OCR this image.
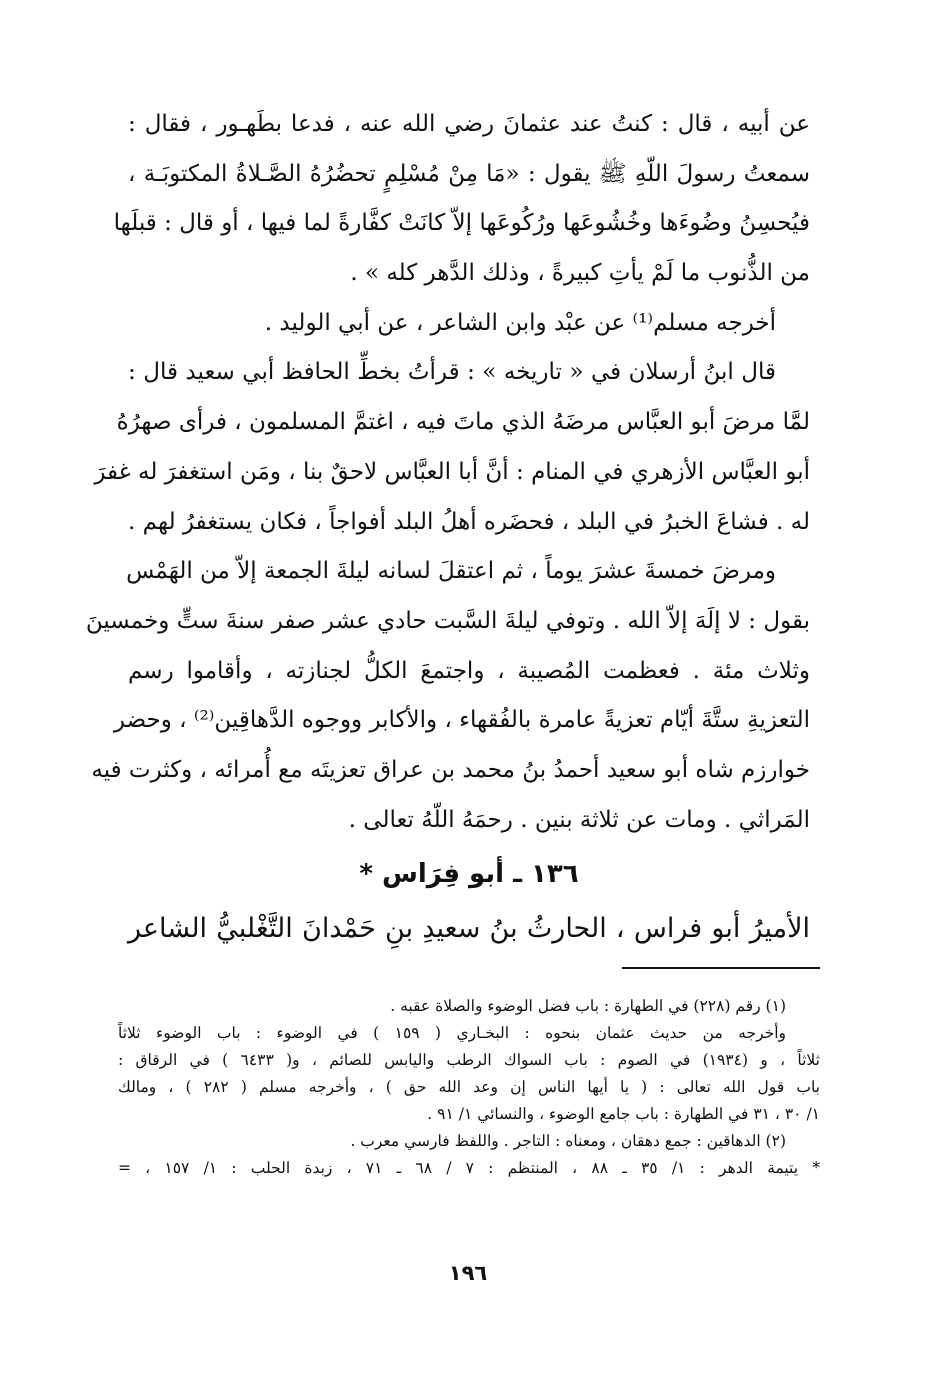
عن أبيه ، قال : كنتُ عند عثمانَ رضي الله عنه ، فدعا بطَهـور ، فقال :
سمعتُ رسولَ اللّهِ ﷺ يقول : «مَا مِنْ مُسْلِمٍ تحضُرُهُ الصَّـلاةُ المكتوبَـة ،
فيُحسِنُ وضُوءَها وخُشُوعَها ورُكُوعَها إلاّ كانَتْ كفَّارةً لما فيها ، أو قال : قبلَها
من الذُّنوب ما لَمْ يأتِ كبيرةً ، وذلك الدَّهر كله » .
أخرجه مسلم⁽¹⁾ عن عبْد وابن الشاعر ، عن أبي الوليد .
قال ابنُ أرسلان في « تاريخه » : قرأتُ بخطِّ الحافظ أبي سعيد قال :
لمَّا مرضَ أبو العبَّاس مرضَهُ الذي ماتَ فيه ، اغتمَّ المسلمون ، فرأى صهرُهُ
أبو العبَّاس الأزهري في المنام : أنَّ أبا العبَّاس لاحقٌ بنا ، ومَن استغفرَ له غفرَ
له . فشاعَ الخبرُ في البلد ، فحضَره أهلُ البلد أفواجاً ، فكان يستغفرُ لهم .
ومرضَ خمسةَ عشرَ يوماً ، ثم اعتقلَ لسانه ليلةَ الجمعة إلاّ من الهَمْس
بقول : لا إلَهَ إلاّ الله . وتوفي ليلةَ السَّبت حادي عشر صفر سنةَ ستٍّ وخمسينَ
وثلاث مئة . فعظمت المُصيبة ، واجتمعَ الكلُّ لجنازته ، وأقاموا رسم
التعزيةِ ستَّةَ أيّام تعزيةً عامرة بالفُقهاء ، والأكابر ووجوه الدَّهاقِين⁽²⁾ ، وحضر
خوارزم شاه أبو سعيد أحمدُ بنُ محمد بن عراق تعزيتَه مع أُمرائه ، وكثرت فيه
المَراثي . ومات عن ثلاثة بنين . رحمَهُ اللّهُ تعالى .
١٣٦ ـ أبو فِرَاس *
الأميرُ أبو فراس ، الحارثُ بنُ سعيدِ بنِ حَمْدانَ التَّغْلبيُّ الشاعر
(١) رقم (٢٢٨) في الطهارة : باب فضل الوضوء والصلاة عقبه .
وأخرجه من حديث عثمان بنحوه : البخـاري ( ١٥٩ ) في الوضوء : باب الوضوء ثلاثاً
ثلاثاً ، و (١٩٣٤) في الصوم : باب السواك الرطب واليابس للصائم ، و( ٦٤٣٣ ) في الرقاق :
باب قول الله تعالى : ( يا أيها الناس إن وعد الله حق ) ، وأخرجه مسلم ( ٢٨٢ ) ، ومالك
١/ ٣٠ ، ٣١ في الطهارة : باب جامع الوضوء ، والنسائي ١/ ٩١ .
(٢) الدهاقين : جمع دهقان ، ومعناه : التاجر . واللفظ فارسي معرب .
* يتيمة الدهر : ١/ ٣٥ ـ ٨٨ ، المنتظم : ٧ / ٦٨ ـ ٧١ ، زبدة الحلب : ١/ ١٥٧ ، =
١٩٦
